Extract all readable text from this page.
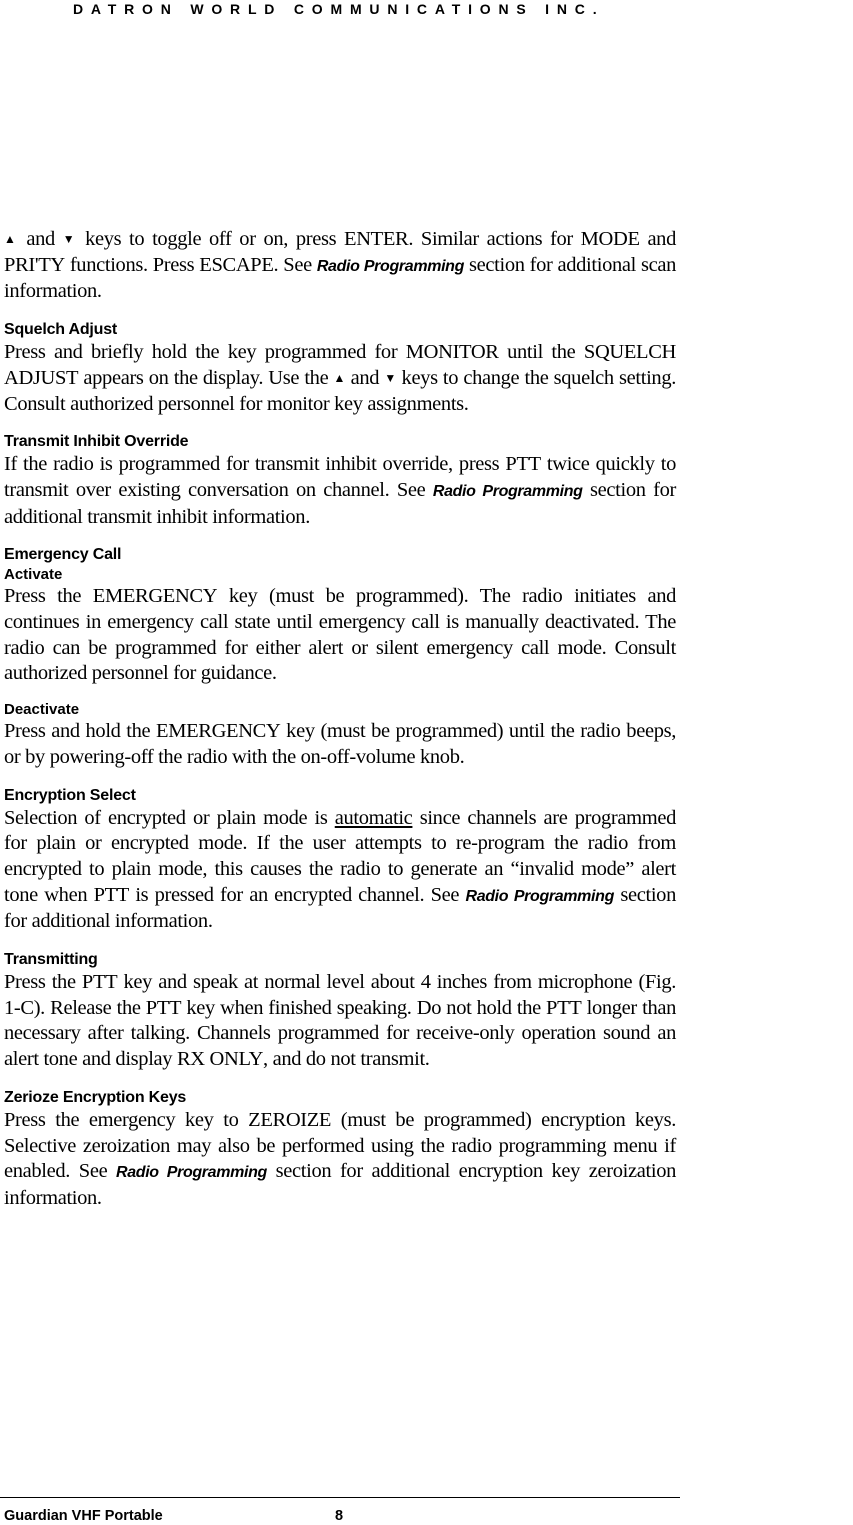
DATRON WORLD COMMUNICATIONS INC.

▲ and ▼ keys to toggle off or on, press ENTER. Similar actions for MODE and PRI'TY functions. Press ESCAPE. See Radio Programming section for additional scan information.

Squelch Adjust

Press and briefly hold the key programmed for MONITOR until the SQUELCH ADJUST appears on the display. Use the ▲ and ▼ keys to change the squelch setting. Consult authorized personnel for monitor key assignments.

Transmit Inhibit Override

If the radio is programmed for transmit inhibit override, press PTT twice quickly to transmit over existing conversation on channel. See Radio Programming section for additional transmit inhibit information.

Emergency Call
Activate

Press the EMERGENCY key (must be programmed). The radio initiates and continues in emergency call state until emergency call is manually deactivated. The radio can be programmed for either alert or silent emergency call mode. Consult authorized personnel for guidance.

Deactivate

Press and hold the EMERGENCY key (must be programmed) until the radio beeps, or by powering-off the radio with the on-off-volume knob.

Encryption Select

Selection of encrypted or plain mode is automatic since channels are programmed for plain or encrypted mode. If the user attempts to re-program the radio from encrypted to plain mode, this causes the radio to generate an “invalid mode” alert tone when PTT is pressed for an encrypted channel. See Radio Programming section for additional information.

Transmitting

Press the PTT key and speak at normal level about 4 inches from microphone (Fig. 1-C). Release the PTT key when finished speaking. Do not hold the PTT longer than necessary after talking. Channels programmed for receive-only operation sound an alert tone and display RX ONLY, and do not transmit.

Zerioze Encryption Keys

Press the emergency key to ZEROIZE (must be programmed) encryption keys. Selective zeroization may also be performed using the radio programming menu if enabled. See Radio Programming section for additional encryption key zeroization information.

Guardian VHF Portable	8
